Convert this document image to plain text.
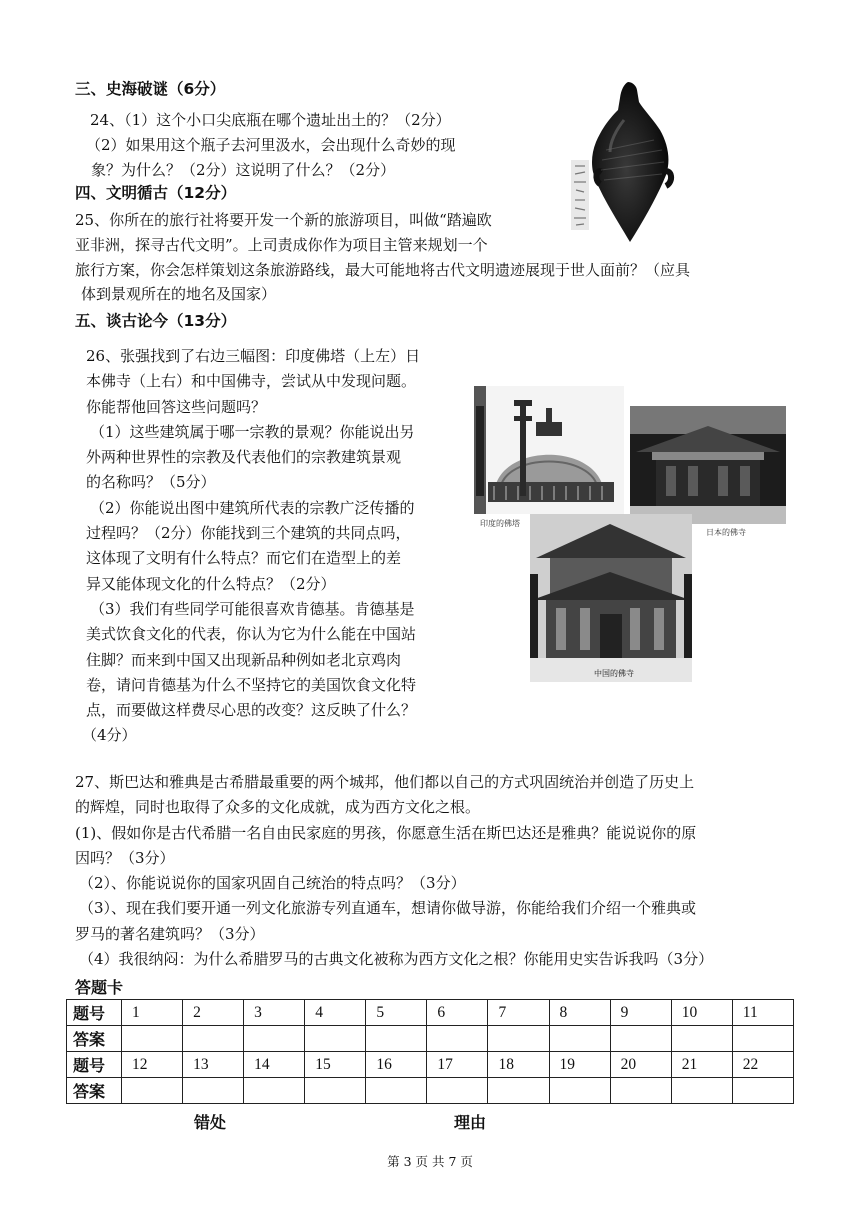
三、史海破谜（6分）
24、（1）这个小口尖底瓶在哪个遗址出土的？（2分）
（2）如果用这个瓶子去河里汲水，会出现什么奇妙的现
象？为什么？（2分）这说明了什么？（2分）
四、文明循古（12分）
25、你所在的旅行社将要开发一个新的旅游项目，叫做“踏遍欧
亚非洲，探寻古代文明”。上司责成你作为项目主管来规划一个
旅行方案，你会怎样策划这条旅游路线，最大可能地将古代文明遗迹展现于世人面前？（应具
体到景观所在的地名及国家）
五、谈古论今（13分）
26、张强找到了右边三幅图：印度佛塔（上左）日
本佛寺（上右）和中国佛寺，尝试从中发现问题。
你能帮他回答这些问题吗？
（1）这些建筑属于哪一宗教的景观？你能说出另
外两种世界性的宗教及代表他们的宗教建筑景观
的名称吗？（5分）
（2）你能说出图中建筑所代表的宗教广泛传播的
过程吗？（2分）你能找到三个建筑的共同点吗，
这体现了文明有什么特点？而它们在造型上的差
异又能体现文化的什么特点？（2分）
（3）我们有些同学可能很喜欢肯德基。肯德基是
美式饮食文化的代表，你认为它为什么能在中国站
住脚？而来到中国又出现新品种例如老北京鸡肉
卷，请问肯德基为什么不坚持它的美国饮食文化特
点，而要做这样费尽心思的改变？这反映了什么？
（4分）
印度的佛塔
日本的佛寺
中国的佛寺
27、斯巴达和雅典是古希腊最重要的两个城邦，他们都以自己的方式巩固统治并创造了历史上
的辉煌，同时也取得了众多的文化成就，成为西方文化之根。
(1)、假如你是古代希腊一名自由民家庭的男孩，你愿意生活在斯巴达还是雅典？能说说你的原
因吗？（3分）
（2）、你能说说你的国家巩固自己统治的特点吗？（3分）
（3）、现在我们要开通一列文化旅游专列直通车，想请你做导游，你能给我们介绍一个雅典或
罗马的著名建筑吗？（3分）
（4）我很纳闷：为什么希腊罗马的古典文化被称为西方文化之根？你能用史实告诉我吗（3分）
答题卡
题号	1	2	3	4	5	6	7	8	9	10	11
答案											
题号	12	13	14	15	16	17	18	19	20	21	22
答案											
错处	理由
第 3 页 共 7 页
